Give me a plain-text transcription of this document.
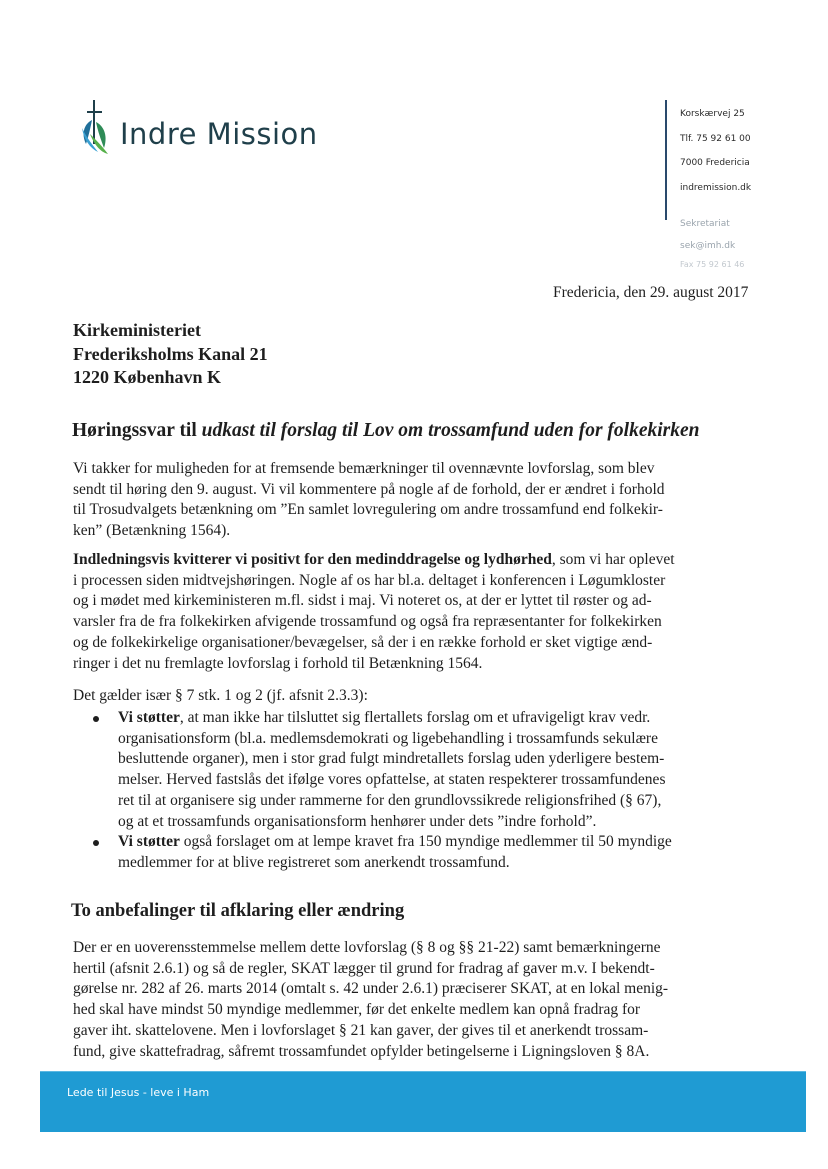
Indre Mission
Korskærvej 25
Tlf. 75 92 61 00
7000 Fredericia
indremission.dk
Sekretariat
sek@imh.dk
Fax 75 92 61 46
Fredericia, den 29. august 2017
Kirkeministeriet
Frederiksholms Kanal 21
1220 København K
Høringssvar til udkast til forslag til Lov om trossamfund uden for folkekirken
Vi takker for muligheden for at fremsende bemærkninger til ovennævnte lovforslag, som blev
sendt til høring den 9. august. Vi vil kommentere på nogle af de forhold, der er ændret i forhold
til Trosudvalgets betænkning om ”En samlet lovregulering om andre trossamfund end folkekir-
ken” (Betænkning 1564).
Indledningsvis kvitterer vi positivt for den medinddragelse og lydhørhed, som vi har oplevet
i processen siden midtvejshøringen. Nogle af os har bl.a. deltaget i konferencen i Løgumkloster
og i mødet med kirkeministeren m.fl. sidst i maj. Vi noteret os, at der er lyttet til røster og ad-
varsler fra de fra folkekirken afvigende trossamfund og også fra repræsentanter for folkekirken
og de folkekirkelige organisationer/bevægelser, så der i en række forhold er sket vigtige ænd-
ringer i det nu fremlagte lovforslag i forhold til Betænkning 1564.
Det gælder især § 7 stk. 1 og 2 (jf. afsnit 2.3.3):
Vi støtter, at man ikke har tilsluttet sig flertallets forslag om et ufravigeligt krav vedr.
organisationsform (bl.a. medlemsdemokrati og ligebehandling i trossamfunds sekulære
besluttende organer), men i stor grad fulgt mindretallets forslag uden yderligere bestem-
melser. Herved fastslås det ifølge vores opfattelse, at staten respekterer trossamfundenes
ret til at organisere sig under rammerne for den grundlovssikrede religionsfrihed (§ 67),
og at et trossamfunds organisationsform henhører under dets ”indre forhold”.
Vi støtter også forslaget om at lempe kravet fra 150 myndige medlemmer til 50 myndige
medlemmer for at blive registreret som anerkendt trossamfund.
To anbefalinger til afklaring eller ændring
Der er en uoverensstemmelse mellem dette lovforslag (§ 8 og §§ 21-22) samt bemærkningerne
hertil (afsnit 2.6.1) og så de regler, SKAT lægger til grund for fradrag af gaver m.v. I bekendt-
gørelse nr. 282 af 26. marts 2014 (omtalt s. 42 under 2.6.1) præciserer SKAT, at en lokal menig-
hed skal have mindst 50 myndige medlemmer, før det enkelte medlem kan opnå fradrag for
gaver iht. skattelovene. Men i lovforslaget § 21 kan gaver, der gives til et anerkendt trossam-
fund, give skattefradrag, såfremt trossamfundet opfylder betingelserne i Ligningsloven § 8A.
Lede til Jesus - leve i Ham
